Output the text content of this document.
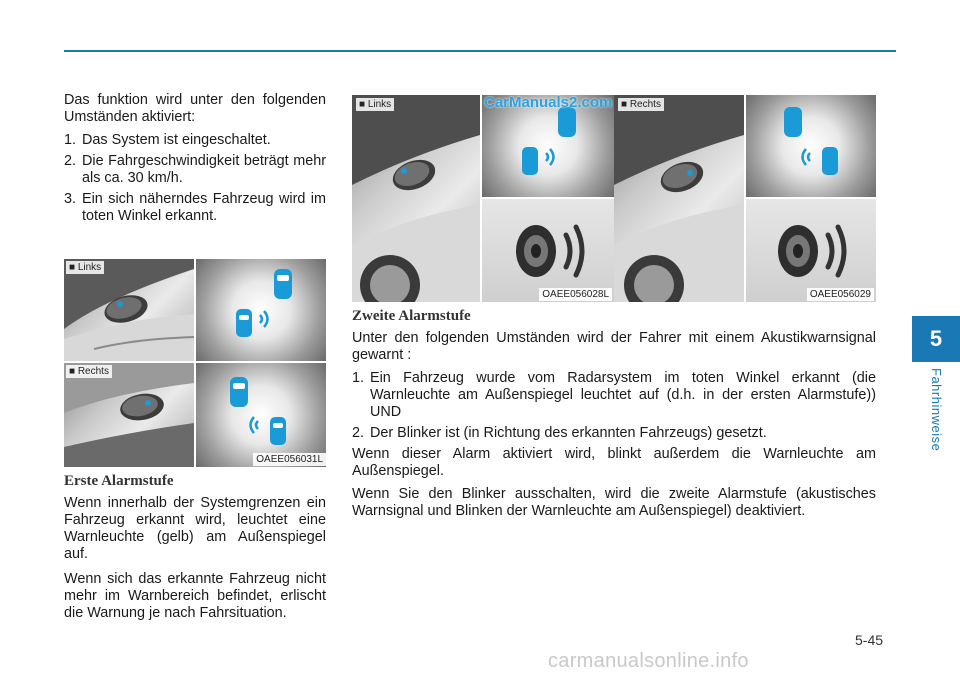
5
Fahrhinweise

Das funktion wird unter den folgenden Umständen aktiviert:

1. Das System ist eingeschaltet.
2. Die Fahrgeschwindigkeit beträgt mehr als ca. 30 km/h.
3. Ein sich näherndes Fahrzeug wird im toten Winkel erkannt.
■ Links
■ Rechts
OAEE056031L
Erste Alarmstufe

Wenn innerhalb der Systemgrenzen ein Fahrzeug erkannt wird, leuchtet eine Warnleuchte (gelb) am Außenspiegel auf.

Wenn sich das erkannte Fahrzeug nicht mehr im Warnbereich befindet, erlischt die Warnung je nach Fahrsituation.

■ Links
OAEE056028L
■ Rechts
OAEE056029
CarManuals2.com
Zweite Alarmstufe

Unter den folgenden Umständen wird der Fahrer mit einem Akustikwarnsignal gewarnt :

1. Ein Fahrzeug wurde vom Radarsystem im toten Winkel erkannt (die Warnleuchte am Außenspiegel leuchtet auf (d.h. in der ersten Alarmstufe)) UND
2. Der Blinker ist (in Richtung des erkannten Fahrzeugs) gesetzt.

Wenn dieser Alarm aktiviert wird, blinkt außerdem die Warnleuchte am Außenspiegel.

Wenn Sie den Blinker ausschalten, wird die zweite Alarmstufe (akustisches Warnsignal und Blinken der Warnleuchte am Außenspiegel) deaktiviert.

5-45
carmanualsonline.info
